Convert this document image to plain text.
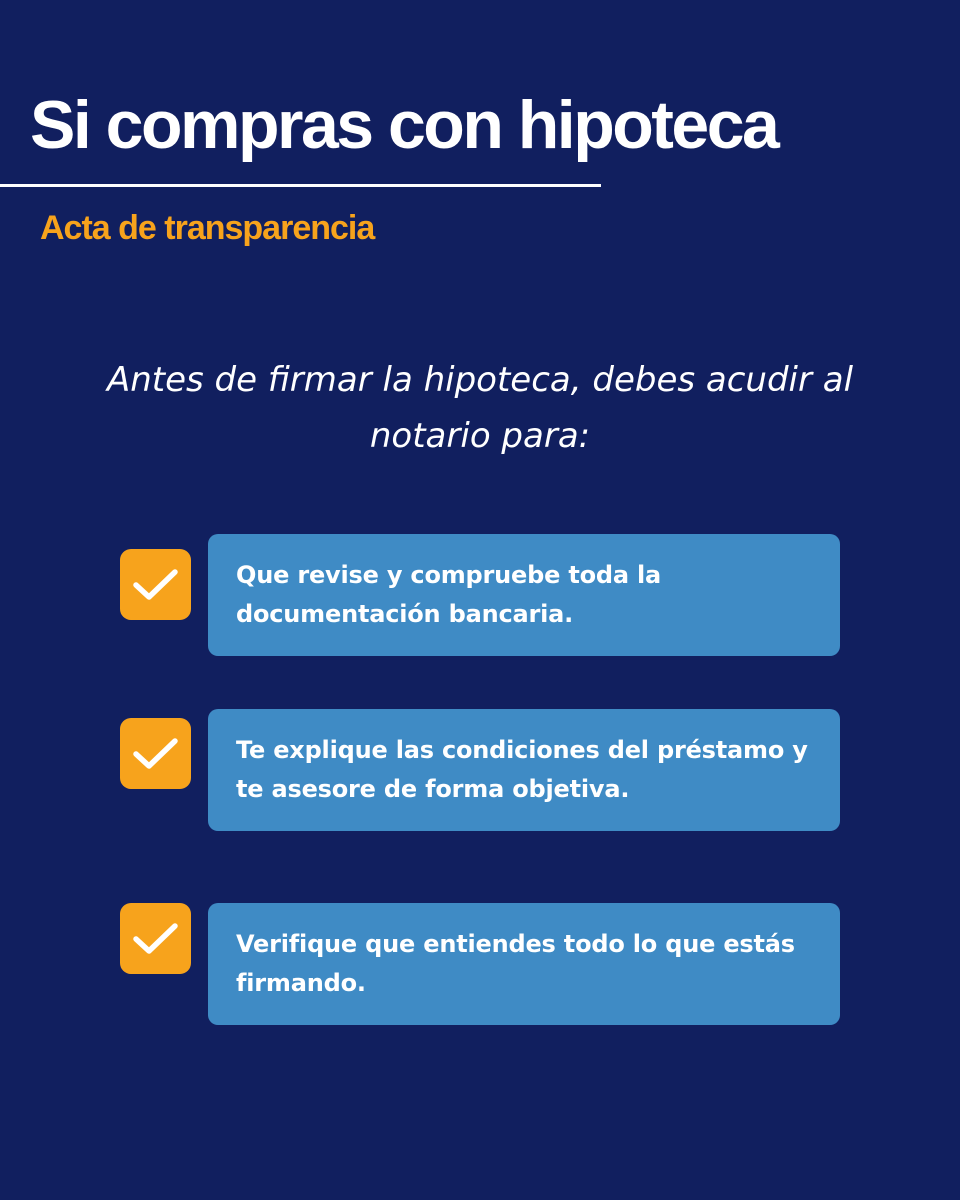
Si compras con hipoteca
Acta de transparencia

Antes de firmar la hipoteca, debes acudir al notario para:

Que revise y compruebe toda la documentación bancaria.

Te explique las condiciones del préstamo y te asesore de forma objetiva.

Verifique que entiendes todo lo que estás firmando.
